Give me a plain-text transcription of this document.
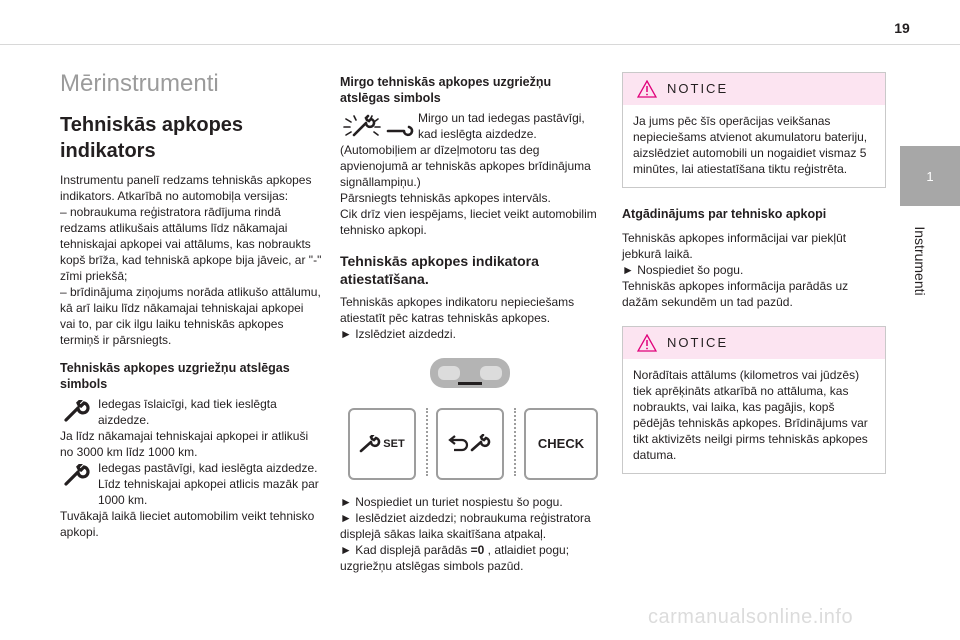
19
1
Instrumenti
Mērinstrumenti
Tehniskās apkopes indikators

Instrumentu panelī redzams tehniskās apkopes indikators. Atkarībā no automobiļa versijas:

– nobraukuma reģistratora rādījuma rindā redzams atlikušais attālums līdz nākamajai tehniskajai apkopei vai attālums, kas nobraukts kopš brīža, kad tehniskā apkope bija jāveic, ar "-" zīmi priekšā;

– brīdinājuma ziņojums norāda atlikušo attālumu, kā arī laiku līdz nākamajai tehniskajai apkopei vai to, par cik ilgu laiku tehniskās apkopes termiņš ir pārsniegts.

Tehniskās apkopes uzgriežņu atslēgas simbols
Iedegas īslaicīgi, kad tiek ieslēgta aizdedze.

Ja līdz nākamajai tehniskajai apkopei ir atlikuši no 3000 km līdz 1000 km.

Iedegas pastāvīgi, kad ieslēgta aizdedze. Līdz tehniskajai apkopei atlicis mazāk par 1000 km.

Tuvākajā laikā lieciet automobilim veikt tehnisko apkopi.

Mirgo tehniskās apkopes uzgriežņu atslēgas simbols
Mirgo un tad iedegas pastāvīgi, kad ieslēgta aizdedze.

(Automobiļiem ar dīzeļmotoru tas deg apvienojumā ar tehniskās apkopes brīdinājuma signāllampiņu.)

Pārsniegts tehniskās apkopes intervāls.

Cik drīz vien iespējams, lieciet veikt automobilim tehnisko apkopi.

Tehniskās apkopes indikatora atiestatīšana.

Tehniskās apkopes indikatoru nepieciešams atiestatīt pēc katras tehniskās apkopes.

► Izslēdziet aizdedzi.

SET	CHECK

► Nospiediet un turiet nospiestu šo pogu.

► Ieslēdziet aizdedzi; nobraukuma reģistratora displejā sākas laika skaitīšana atpakaļ.

► Kad displejā parādās =0 , atlaidiet pogu; uzgriežņu atslēgas simbols pazūd.

NOTICE
Ja jums pēc šīs operācijas veikšanas nepieciešams atvienot akumulatoru bateriju, aizslēdziet automobili un nogaidiet vismaz 5 minūtes, lai atiestatīšana tiktu reģistrēta.
Atgādinājums par tehnisko apkopi

Tehniskās apkopes informācijai var piekļūt jebkurā laikā.

► Nospiediet šo pogu.

Tehniskās apkopes informācija parādās uz dažām sekundēm un tad pazūd.

NOTICE
Norādītais attālums (kilometros vai jūdzēs) tiek aprēķināts atkarībā no attāluma, kas nobraukts, vai laika, kas pagājis, kopš pēdējās tehniskās apkopes. Brīdinājums var tikt aktivizēts neilgi pirms tehniskās apkopes datuma.
carmanualsonline.info
